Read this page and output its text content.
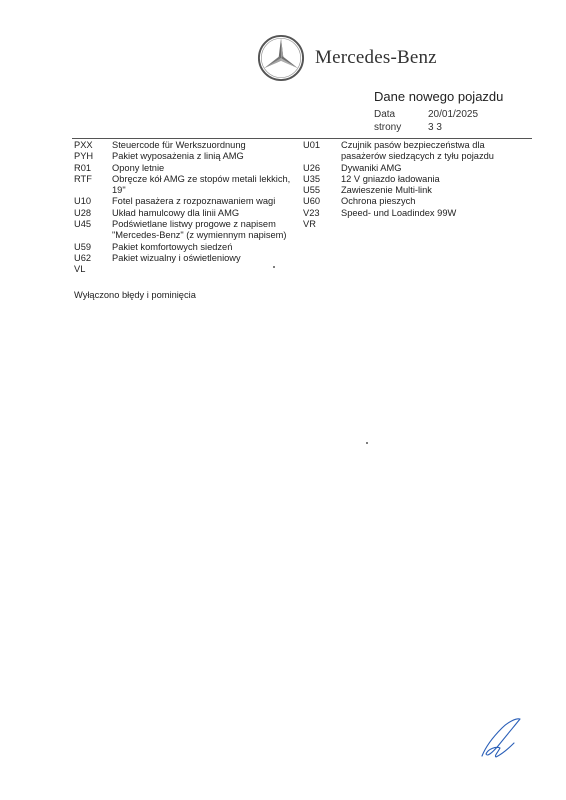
Mercedes-Benz
Dane nowego pojazdu
Data	20/01/2025
strony	3 3
PXX	Steuercode für Werkszuordnung
PYH	Pakiet wyposażenia z linią AMG
R01	Opony letnie
RTF	Obręcze kół AMG ze stopów metali lekkich, 19"
U10	Fotel pasażera z rozpoznawaniem wagi
U28	Układ hamulcowy dla linii AMG
U45	Podświetlane listwy progowe z napisem "Mercedes-Benz" (z wymiennym napisem)
U59	Pakiet komfortowych siedzeń
U62	Pakiet wizualny i oświetleniowy
VL
U01	Czujnik pasów bezpieczeństwa dla pasażerów siedzących z tyłu pojazdu
U26	Dywaniki AMG
U35	12 V gniazdo ładowania
U55	Zawieszenie Multi-link
U60	Ochrona pieszych
V23	Speed- und Loadindex 99W
VR
Wyłączono błędy i pominięcia
